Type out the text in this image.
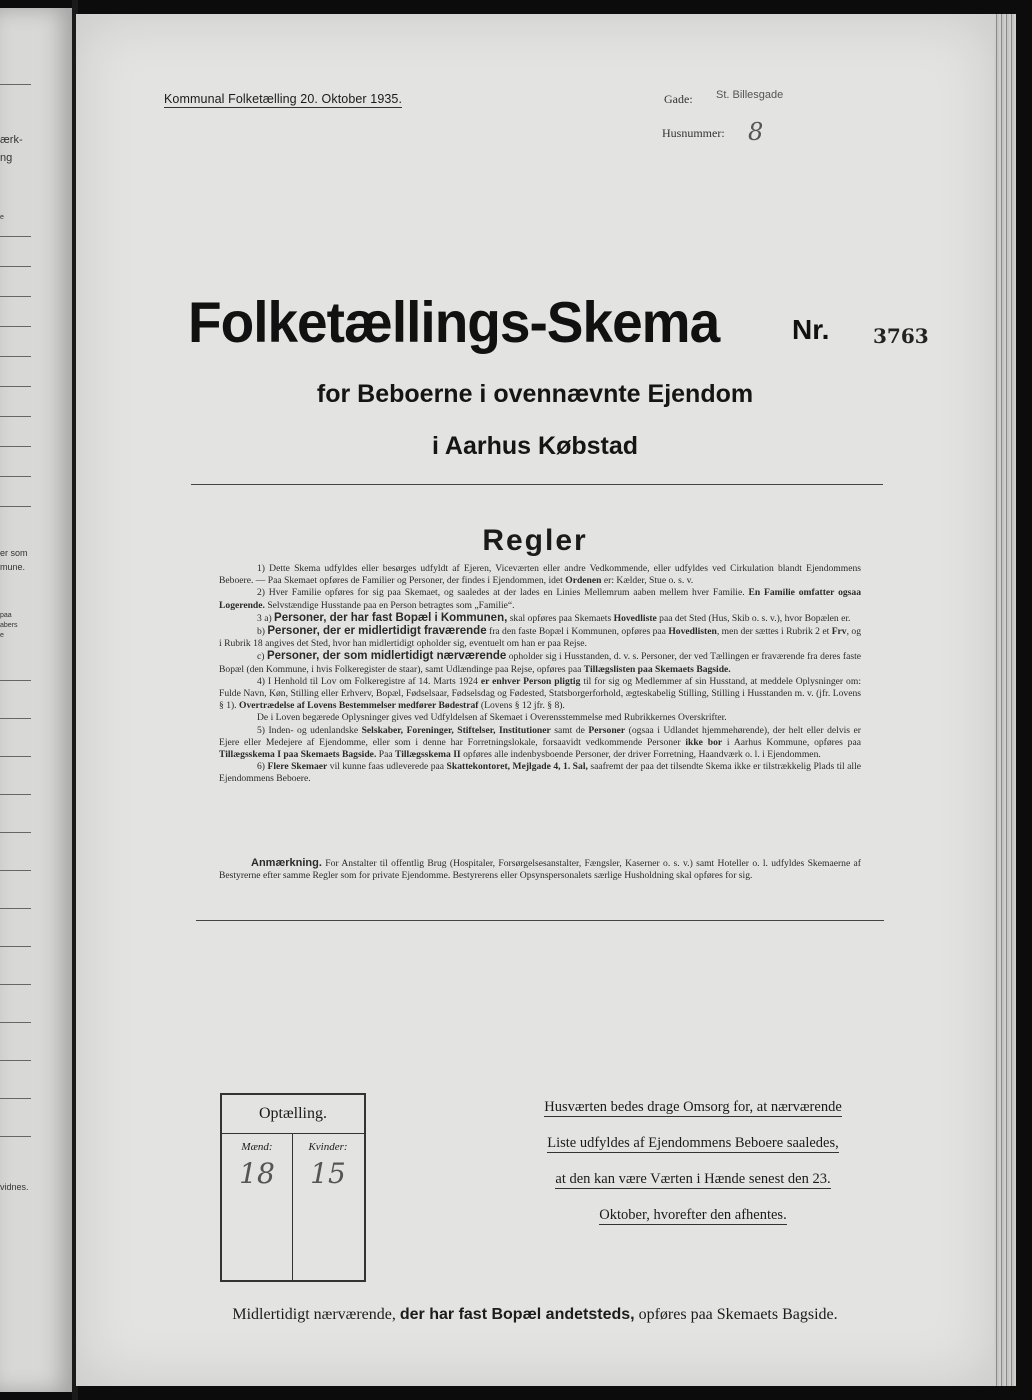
ærk-
ng
e
er som
mune.
paa
abers
e
vidnes.
Kommunal Folketælling 20. Oktober 1935.	Gade: St. Billesgade
Husnummer: 8
Folketællings-Skema	Nr. 3763
for Beboerne i ovennævnte Ejendom
i Aarhus Købstad
Regler

1) Dette Skema udfyldes eller besørges udfyldt af Ejeren, Viceværten eller andre Vedkommende, eller udfyldes ved Cirkulation blandt Ejendommens Beboere. — Paa Skemaet opføres de Familier og Personer, der findes i Ejendommen, idet Ordenen er: Kælder, Stue o. s. v.

2) Hver Familie opføres for sig paa Skemaet, og saaledes at der lades en Linies Mellemrum aaben mellem hver Familie. En Familie omfatter ogsaa Logerende. Selvstændige Husstande paa en Person betragtes som „Familie“.

3 a) Personer, der har fast Bopæl i Kommunen, skal opføres paa Skemaets Hovedliste paa det Sted (Hus, Skib o. s. v.), hvor Bopælen er.

b) Personer, der er midlertidigt fraværende fra den faste Bopæl i Kommunen, opføres paa Hovedlisten, men der sættes i Rubrik 2 et Frv, og i Rubrik 18 angives det Sted, hvor han midlertidigt opholder sig, eventuelt om han er paa Rejse.

c) Personer, der som midlertidigt nærværende opholder sig i Husstanden, d. v. s. Personer, der ved Tællingen er fraværende fra deres faste Bopæl (den Kommune, i hvis Folkeregister de staar), samt Udlændinge paa Rejse, opføres paa Tillægslisten paa Skemaets Bagside.

4) I Henhold til Lov om Folkeregistre af 14. Marts 1924 er enhver Person pligtig til for sig og Medlemmer af sin Husstand, at meddele Oplysninger om: Fulde Navn, Køn, Stilling eller Erhverv, Bopæl, Fødselsaar, Fødselsdag og Fødested, Statsborgerforhold, ægteskabelig Stilling, Stilling i Husstanden m. v. (jfr. Lovens § 1). Overtrædelse af Lovens Bestemmelser medfører Bødestraf (Lovens § 12 jfr. § 8).

De i Loven begærede Oplysninger gives ved Udfyldelsen af Skemaet i Overensstemmelse med Rubrikkernes Overskrifter.

5) Inden- og udenlandske Selskaber, Foreninger, Stiftelser, Institutioner samt de Personer (ogsaa i Udlandet hjemmehørende), der helt eller delvis er Ejere eller Medejere af Ejendomme, eller som i denne har Forretningslokale, forsaavidt vedkommende Personer ikke bor i Aarhus Kommune, opføres paa Tillægsskema I paa Skemaets Bagside. Paa Tillægsskema II opføres alle indenbysboende Personer, der driver Forretning, Haandværk o. l. i Ejendommen.

6) Flere Skemaer vil kunne faas udleverede paa Skattekontoret, Mejlgade 4, 1. Sal, saafremt der paa det tilsendte Skema ikke er tilstrækkelig Plads til alle Ejendommens Beboere.

Anmærkning. For Anstalter til offentlig Brug (Hospitaler, Forsørgelsesanstalter, Fængsler, Kaserner o. s. v.) samt Hoteller o. l. udfyldes Skemaerne af Bestyrerne efter samme Regler som for private Ejendomme. Bestyrerens eller Opsynspersonalets særlige Husholdning skal opføres for sig.
Optælling.
Mænd:	Kvinder:
18	15
Husværten bedes drage Omsorg for, at nærværende
Liste udfyldes af Ejendommens Beboere saaledes,
at den kan være Værten i Hænde senest den 23.
Oktober, hvorefter den afhentes.
Midlertidigt nærværende, der har fast Bopæl andetsteds, opføres paa Skemaets Bagside.
